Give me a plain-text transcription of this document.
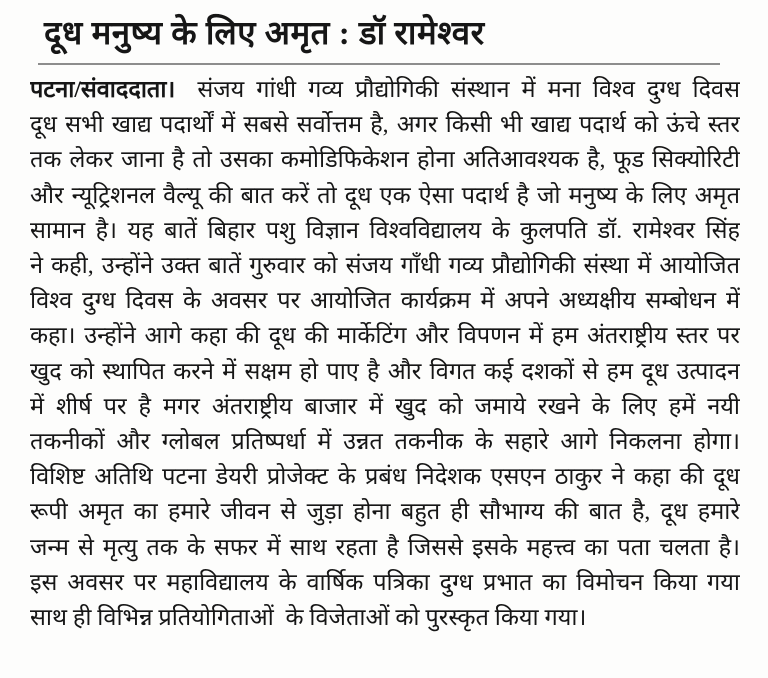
दूध मनुष्य के लिए अमृत : डॉ रामेश्वर
पटना/संवाददाता। संजय गांधी गव्य प्रौद्योगिकी संस्थान में मना विश्व दुग्ध दिवस
दूध सभी खाद्य पदार्थों में सबसे सर्वोत्तम है, अगर किसी भी खाद्य पदार्थ को ऊंचे स्तर
तक लेकर जाना है तो उसका कमोडिफिकेशन होना अतिआवश्यक है, फूड सिक्योरिटी
और न्यूट्रिशनल वैल्यू की बात करें तो दूध एक ऐसा पदार्थ है जो मनुष्य के लिए अमृत
सामान है। यह बातें बिहार पशु विज्ञान विश्वविद्यालय के कुलपति डॉ. रामेश्वर सिंह
ने कही, उन्होंने उक्त बातें गुरुवार को संजय गाँधी गव्य प्रौद्योगिकी संस्था में आयोजित
विश्व दुग्ध दिवस के अवसर पर आयोजित कार्यक्रम में अपने अध्यक्षीय सम्बोधन में
कहा। उन्होंने आगे कहा की दूध की मार्केटिंग और विपणन में हम अंतराष्ट्रीय स्तर पर
खुद को स्थापित करने में सक्षम हो पाए है और विगत कई दशकों से हम दूध उत्पादन
में शीर्ष पर है मगर अंतराष्ट्रीय बाजार में खुद को जमाये रखने के लिए हमें नयी
तकनीकों और ग्लोबल प्रतिष्पर्धा में उन्नत तकनीक के सहारे आगे निकलना होगा।
विशिष्ट अतिथि पटना डेयरी प्रोजेक्ट के प्रबंध निदेशक एसएन ठाकुर ने कहा की दूध
रूपी अमृत का हमारे जीवन से जुड़ा होना बहुत ही सौभाग्य की बात है, दूध हमारे
जन्म से मृत्यु तक के सफर में साथ रहता है जिससे इसके महत्त्व का पता चलता है।
इस अवसर पर महाविद्यालय के वार्षिक पत्रिका दुग्ध प्रभात का विमोचन किया गया
साथ ही विभिन्न प्रतियोगिताओं  के विजेताओं को पुरस्कृत किया गया।
